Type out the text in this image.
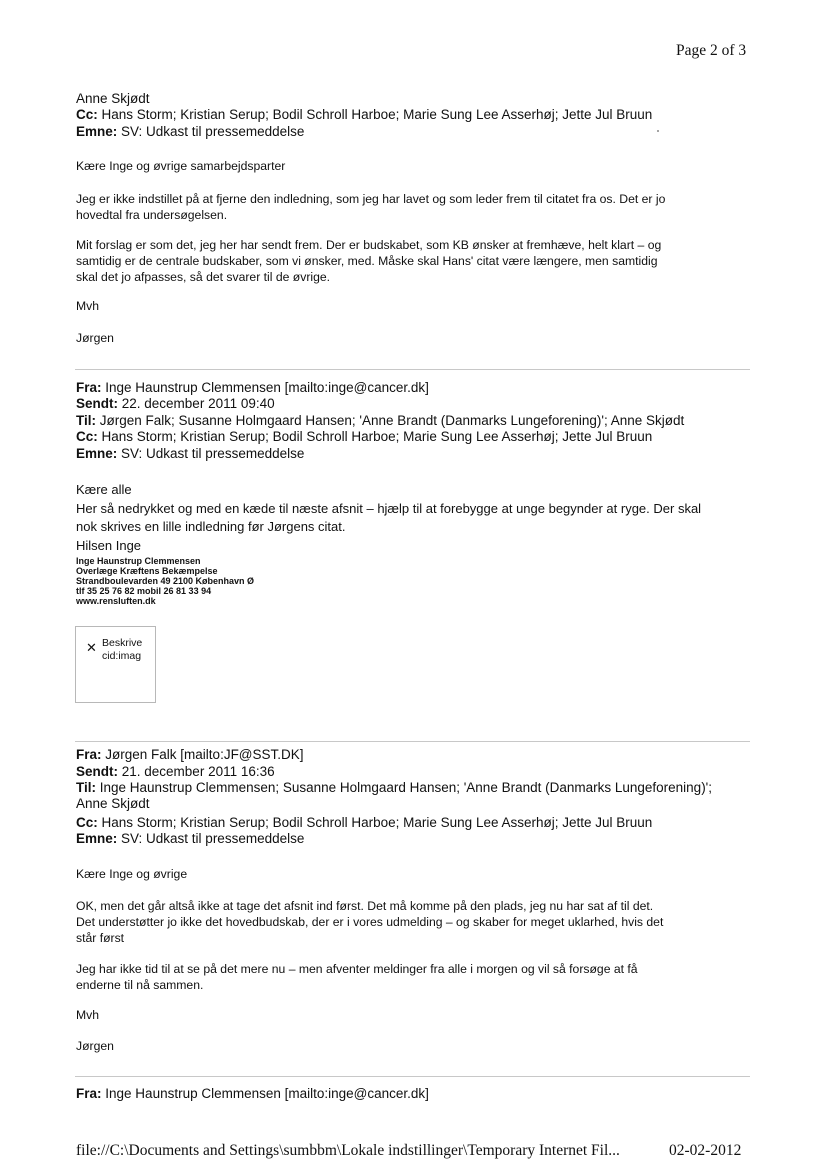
Page 2 of 3
Anne Skjødt
Cc: Hans Storm; Kristian Serup; Bodil Schroll Harboe; Marie Sung Lee Asserhøj; Jette Jul Bruun
Emne: SV: Udkast til pressemeddelse
Kære Inge og øvrige samarbejdsparter
Jeg er ikke indstillet på at fjerne den indledning, som jeg har lavet og som leder frem til citatet fra os. Det er jo
hovedtal fra undersøgelsen.
Mit forslag er som det, jeg her har sendt frem. Der er budskabet, som KB ønsker at fremhæve, helt klart – og
samtidig er de centrale budskaber, som vi ønsker, med. Måske skal Hans' citat være længere, men samtidig
skal det jo afpasses, så det svarer til de øvrige.
Mvh
Jørgen
Fra: Inge Haunstrup Clemmensen [mailto:inge@cancer.dk]
Sendt: 22. december 2011 09:40
Til: Jørgen Falk; Susanne Holmgaard Hansen; 'Anne Brandt (Danmarks Lungeforening)'; Anne Skjødt
Cc: Hans Storm; Kristian Serup; Bodil Schroll Harboe; Marie Sung Lee Asserhøj; Jette Jul Bruun
Emne: SV: Udkast til pressemeddelse
Kære alle
Her så nedrykket og med en kæde til næste afsnit – hjælp til at forebygge at unge begynder at ryge. Der skal
nok skrives en lille indledning før Jørgens citat.
Hilsen Inge
Inge Haunstrup Clemmensen
Overlæge Kræftens Bekæmpelse
Strandboulevarden 49 2100 København Ø
tlf 35 25 76 82 mobil 26 81 33 94
www.rensluften.dk
✕ Beskrive
cid:imag
Fra: Jørgen Falk [mailto:JF@SST.DK]
Sendt: 21. december 2011 16:36
Til: Inge Haunstrup Clemmensen; Susanne Holmgaard Hansen; 'Anne Brandt (Danmarks Lungeforening)';
Anne Skjødt
Cc: Hans Storm; Kristian Serup; Bodil Schroll Harboe; Marie Sung Lee Asserhøj; Jette Jul Bruun
Emne: SV: Udkast til pressemeddelse
Kære Inge og øvrige
OK, men det går altså ikke at tage det afsnit ind først. Det må komme på den plads, jeg nu har sat af til det.
Det understøtter jo ikke det hovedbudskab, der er i vores udmelding – og skaber for meget uklarhed, hvis det
står først
Jeg har ikke tid til at se på det mere nu – men afventer meldinger fra alle i morgen og vil så forsøge at få
enderne til nå sammen.
Mvh
Jørgen
Fra: Inge Haunstrup Clemmensen [mailto:inge@cancer.dk]
file://C:\Documents and Settings\sumbbm\Lokale indstillinger\Temporary Internet Fil...	02-02-2012
